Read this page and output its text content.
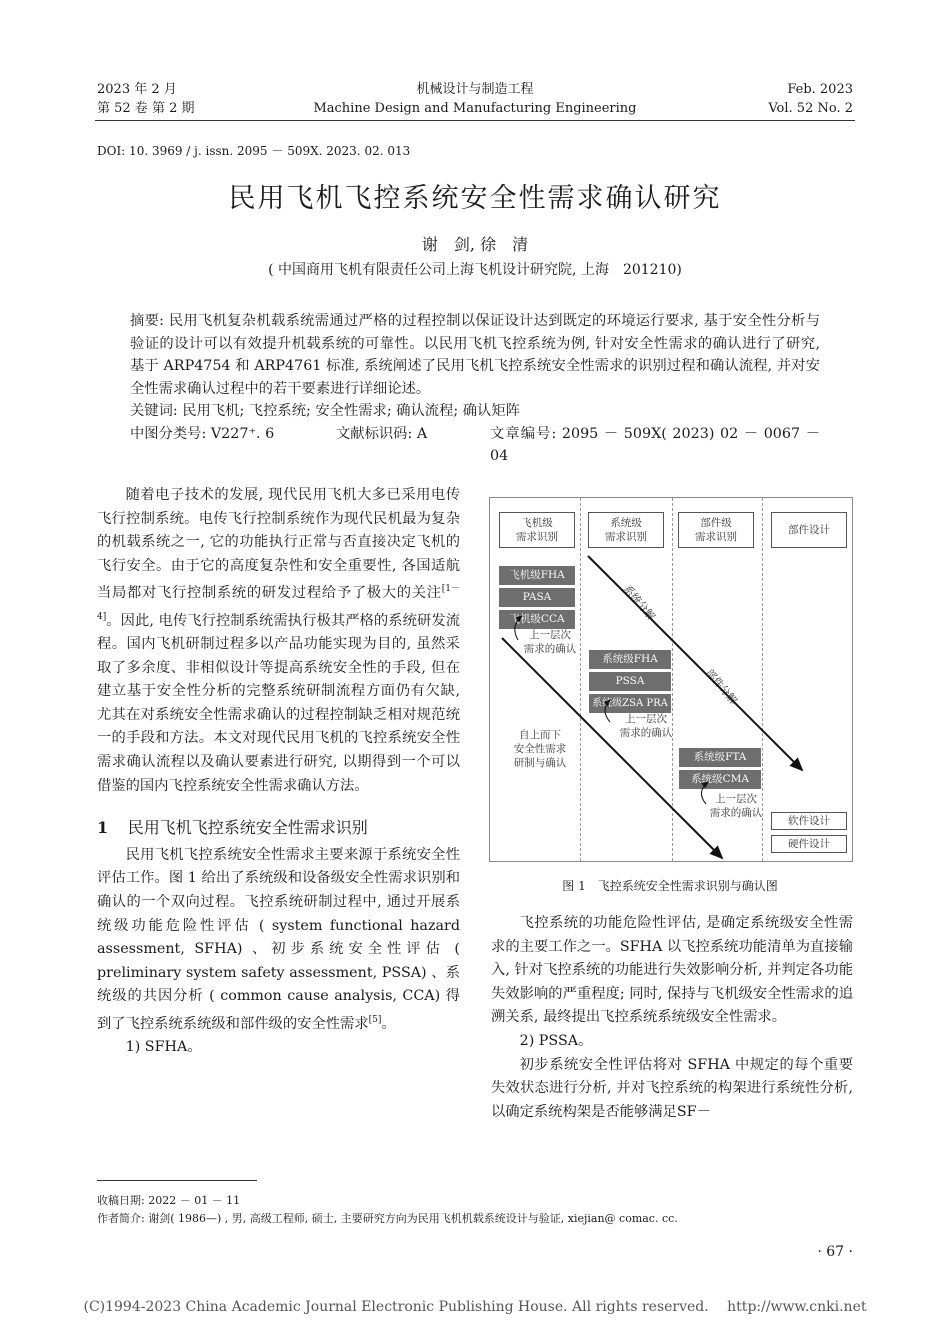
2023 年 2 月
第 52 卷 第 2 期
机械设计与制造工程
Machine Design and Manufacturing Engineering
Feb. 2023
Vol. 52 No. 2
DOI: 10. 3969 / j. issn. 2095 － 509X. 2023. 02. 013
民用飞机飞控系统安全性需求确认研究
谢　剑, 徐　清
( 中国商用飞机有限责任公司上海飞机设计研究院, 上海　201210)
摘要: 民用飞机复杂机载系统需通过严格的过程控制以保证设计达到既定的环境运行要求, 基于安全性分析与验证的设计可以有效提升机载系统的可靠性。以民用飞机飞控系统为例, 针对安全性需求的确认进行了研究, 基于 ARP4754 和 ARP4761 标准, 系统阐述了民用飞机飞控系统安全性需求的识别过程和确认流程, 并对安全性需求确认过程中的若干要素进行详细论述。
关键词: 民用飞机; 飞控系统; 安全性需求; 确认流程; 确认矩阵
中图分类号: V227⁺. 6	文献标识码: A	文章编号: 2095 － 509X( 2023) 02 － 0067 － 04

随着电子技术的发展, 现代民用飞机大多已采用电传飞行控制系统。电传飞行控制系统作为现代民机最为复杂的机载系统之一, 它的功能执行正常与否直接决定飞机的飞行安全。由于它的高度复杂性和安全重要性, 各国适航当局都对飞行控制系统的研发过程给予了极大的关注[1－4]。因此, 电传飞行控制系统需执行极其严格的系统研发流程。国内飞机研制过程多以产品功能实现为目的, 虽然采取了多余度、非相似设计等提高系统安全性的手段, 但在建立基于安全性分析的完整系统研制流程方面仍有欠缺, 尤其在对系统安全性需求确认的过程控制缺乏相对规范统一的手段和方法。本文对现代民用飞机的飞控系统安全性需求确认流程以及确认要素进行研究, 以期得到一个可以借鉴的国内飞控系统安全性需求确认方法。

1 民用飞机飞控系统安全性需求识别

民用飞机飞控系统安全性需求主要来源于系统安全性评估工作。图 1 给出了系统级和设备级安全性需求识别和确认的一个双向过程。飞控系统研制过程中, 通过开展系统级功能危险性评估 ( system functional hazard assessment, SFHA) 、初步系统安全性评估 ( preliminary system safety assessment, PSSA) 、系统级的共因分析 ( common cause analysis, CCA) 得到了飞控系统系统级和部件级的安全性需求[5]。

1) SFHA。

飞机级
需求识别
系统级
需求识别
部件级
需求识别
部件设计
飞机级FHA
PASA
飞机级CCA
系统级FHA
PSSA
系统级ZSA PRA
系统级FTA
系统级CMA
软件设计
硬件设计
上一层次
需求的确认
上一层次
需求的确认
上一层次
需求的确认
自上而下
安全性需求
研制与确认
系统分解
部件分解
图 1　飞控系统安全性需求识别与确认图

飞控系统的功能危险性评估, 是确定系统级安全性需求的主要工作之一。SFHA 以飞控系统功能清单为直接输入, 针对飞控系统的功能进行失效影响分析, 并判定各功能失效影响的严重程度; 同时, 保持与飞机级安全性需求的追溯关系, 最终提出飞控系统系统级安全性需求。

2) PSSA。

初步系统安全性评估将对 SFHA 中规定的每个重要失效状态进行分析, 并对飞控系统的构架进行系统性分析, 以确定系统构架是否能够满足SF－

收稿日期: 2022 － 01 － 11
作者简介: 谢剑( 1986—) , 男, 高级工程师, 硕士, 主要研究方向为民用飞机机载系统设计与验证, xiejian@ comac. cc.
· 67 ·
(C)1994-2023 China Academic Journal Electronic Publishing House. All rights reserved.　 http://www.cnki.net
